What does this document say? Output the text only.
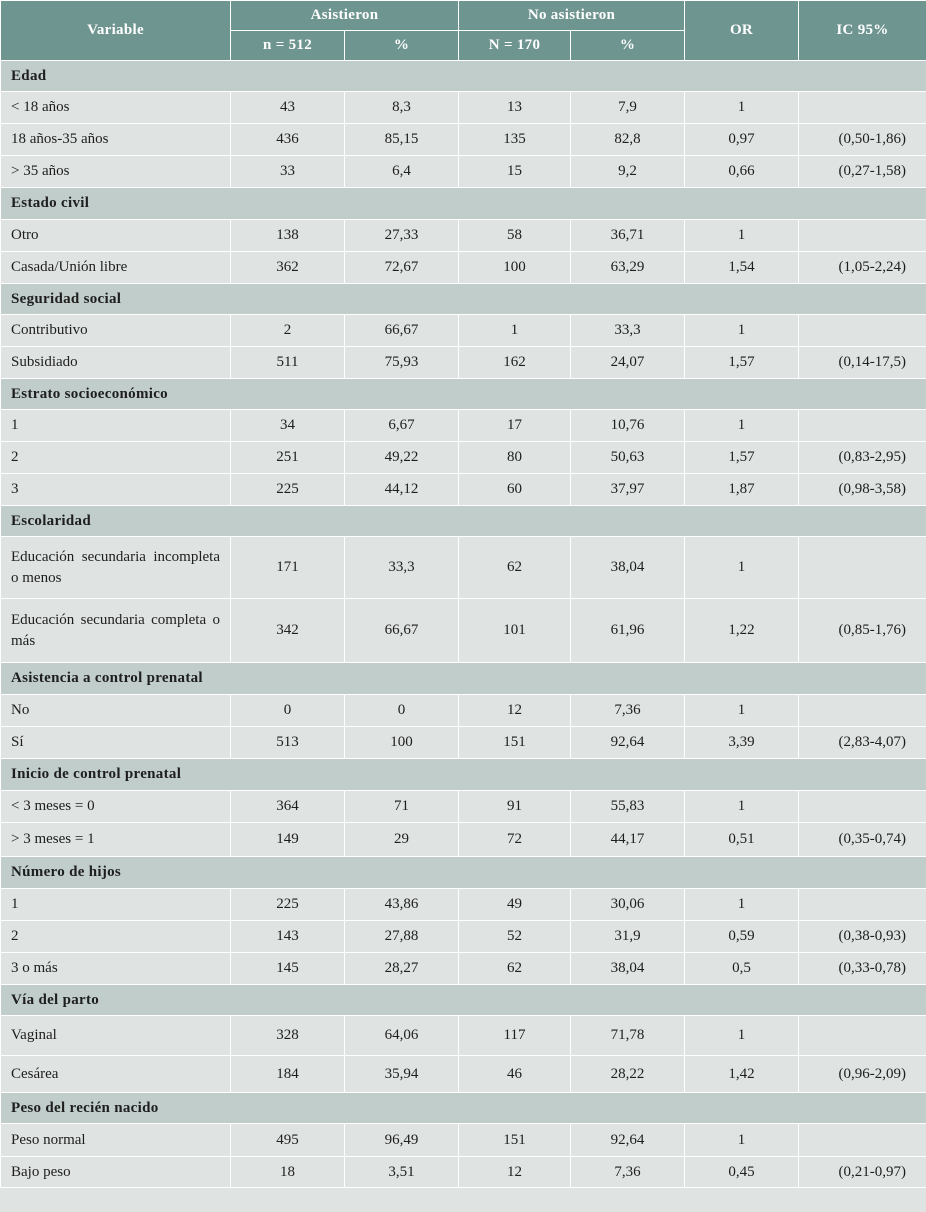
Variable	Asistieron		No asistieron		OR	IC 95%
	n = 512	%	N = 170	%		
Edad						
< 18 años	43	8,3	13	7,9	1	
18 años-35 años	436	85,15	135	82,8	0,97	(0,50-1,86)
> 35 años	33	6,4	15	9,2	0,66	(0,27-1,58)
Estado civil						
Otro	138	27,33	58	36,71	1	
Casada/Unión libre	362	72,67	100	63,29	1,54	(1,05-2,24)
Seguridad social						
Contributivo	2	66,67	1	33,3	1	
Subsidiado	511	75,93	162	24,07	1,57	(0,14-17,5)
Estrato socioeconómico						
1	34	6,67	17	10,76	1	
2	251	49,22	80	50,63	1,57	(0,83-2,95)
3	225	44,12	60	37,97	1,87	(0,98-3,58)
Escolaridad						
Educación secundaria incompleta o menos	171	33,3	62	38,04	1	
Educación secundaria completa o más	342	66,67	101	61,96	1,22	(0,85-1,76)
Asistencia a control prenatal						
No	0	0	12	7,36	1	
Sí	513	100	151	92,64	3,39	(2,83-4,07)
Inicio de control prenatal						
< 3 meses = 0	364	71	91	55,83	1	
> 3 meses = 1	149	29	72	44,17	0,51	(0,35-0,74)
Número de hijos						
1	225	43,86	49	30,06	1	
2	143	27,88	52	31,9	0,59	(0,38-0,93)
3 o más	145	28,27	62	38,04	0,5	(0,33-0,78)
Vía del parto						
Vaginal	328	64,06	117	71,78	1	
Cesárea	184	35,94	46	28,22	1,42	(0,96-2,09)
Peso del recién nacido						
Peso normal	495	96,49	151	92,64	1	
Bajo peso	18	3,51	12	7,36	0,45	(0,21-0,97)
